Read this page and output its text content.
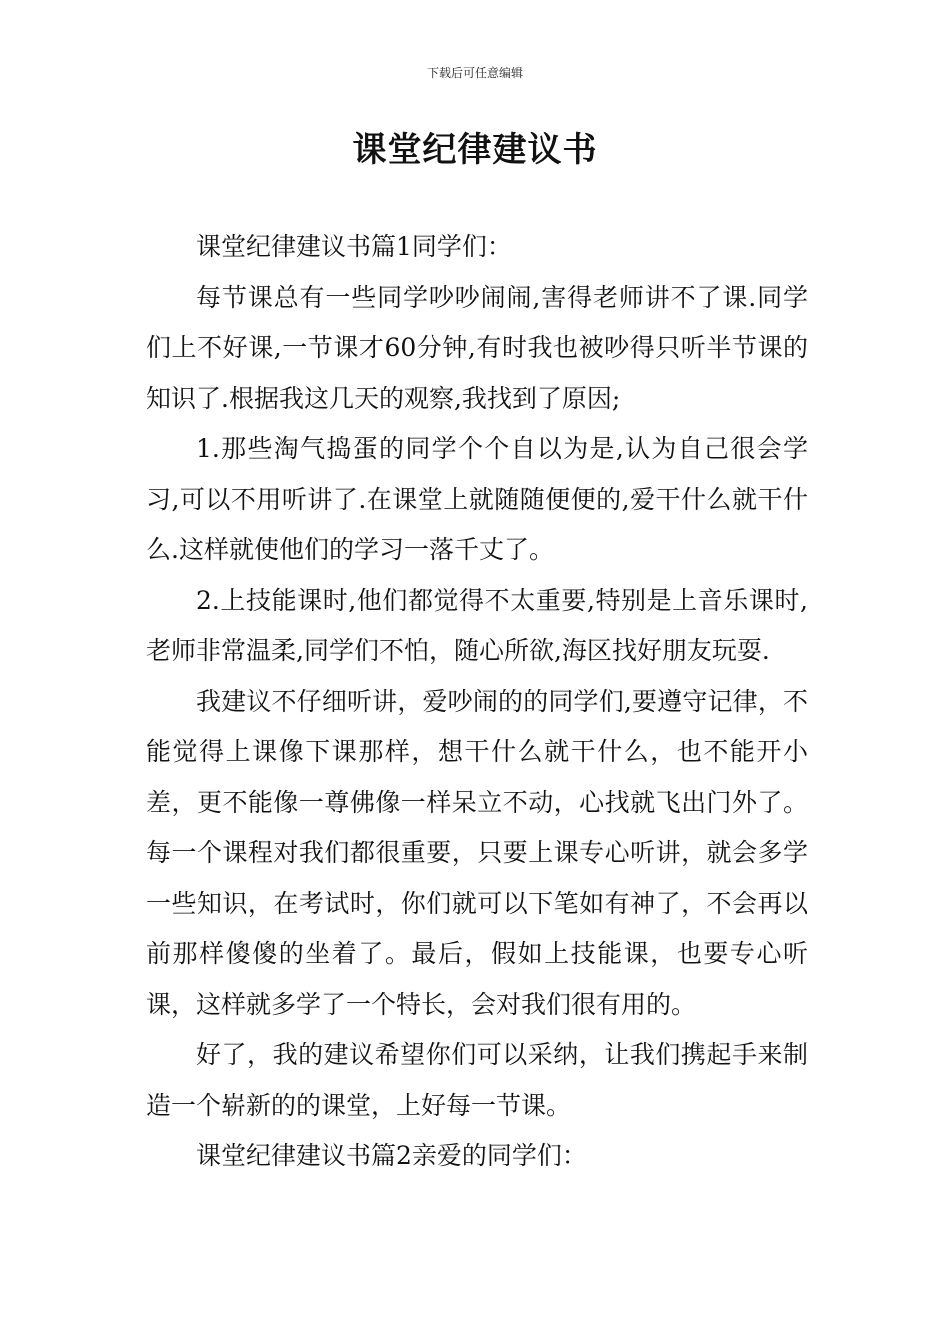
下载后可任意编辑
课堂纪律建议书

课堂纪律建议书篇1同学们：

每节课总有一些同学吵吵闹闹,害得老师讲不了课.同学们上不好课,一节课才60分钟,有时我也被吵得只听半节课的知识了.根据我这几天的观察,我找到了原因;

1.那些淘气捣蛋的同学个个自以为是,认为自己很会学习,可以不用听讲了.在课堂上就随随便便的,爱干什么就干什么.这样就使他们的学习一落千丈了。

2.上技能课时,他们都觉得不太重要,特别是上音乐课时,老师非常温柔,同学们不怕，随心所欲,海区找好朋友玩耍.

我建议不仔细听讲，爱吵闹的的同学们,要遵守记律，不能觉得上课像下课那样，想干什么就干什么，也不能开小差，更不能像一尊佛像一样呆立不动，心找就飞出门外了。每一个课程对我们都很重要，只要上课专心听讲，就会多学一些知识，在考试时，你们就可以下笔如有神了，不会再以前那样傻傻的坐着了。最后，假如上技能课，也要专心听课，这样就多学了一个特长，会对我们很有用的。

好了，我的建议希望你们可以采纳，让我们携起手来制造一个崭新的的课堂，上好每一节课。

课堂纪律建议书篇2亲爱的同学们：
